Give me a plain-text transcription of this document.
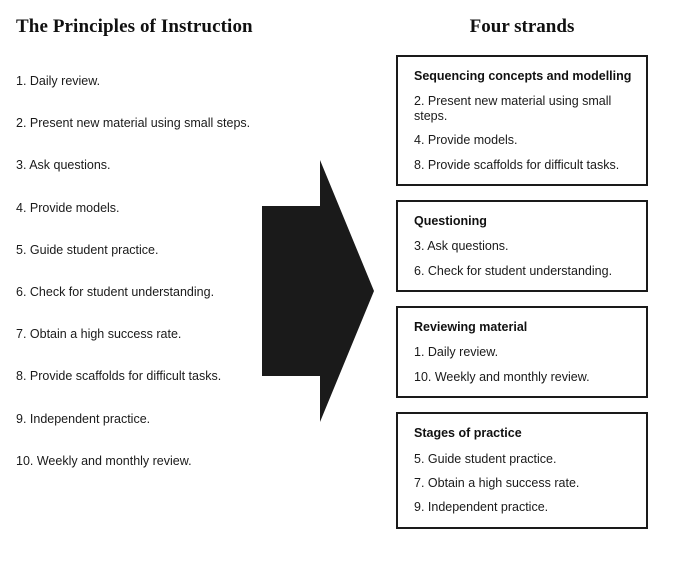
The Principles of Instruction
1. Daily review.
2. Present new material using small steps.
3. Ask questions.
4. Provide models.
5. Guide student practice.
6. Check for student understanding.
7. Obtain a high success rate.
8. Provide scaffolds for difficult tasks.
9. Independent practice.
10. Weekly and monthly review.
Four strands
Sequencing concepts and modelling
2. Present new material using small steps.
4. Provide models.
8. Provide scaffolds for difficult tasks.
Questioning
3. Ask questions.
6. Check for student understanding.
Reviewing material
1. Daily review.
10. Weekly and monthly review.
Stages of practice
5. Guide student practice.
7. Obtain a high success rate.
9. Independent practice.
